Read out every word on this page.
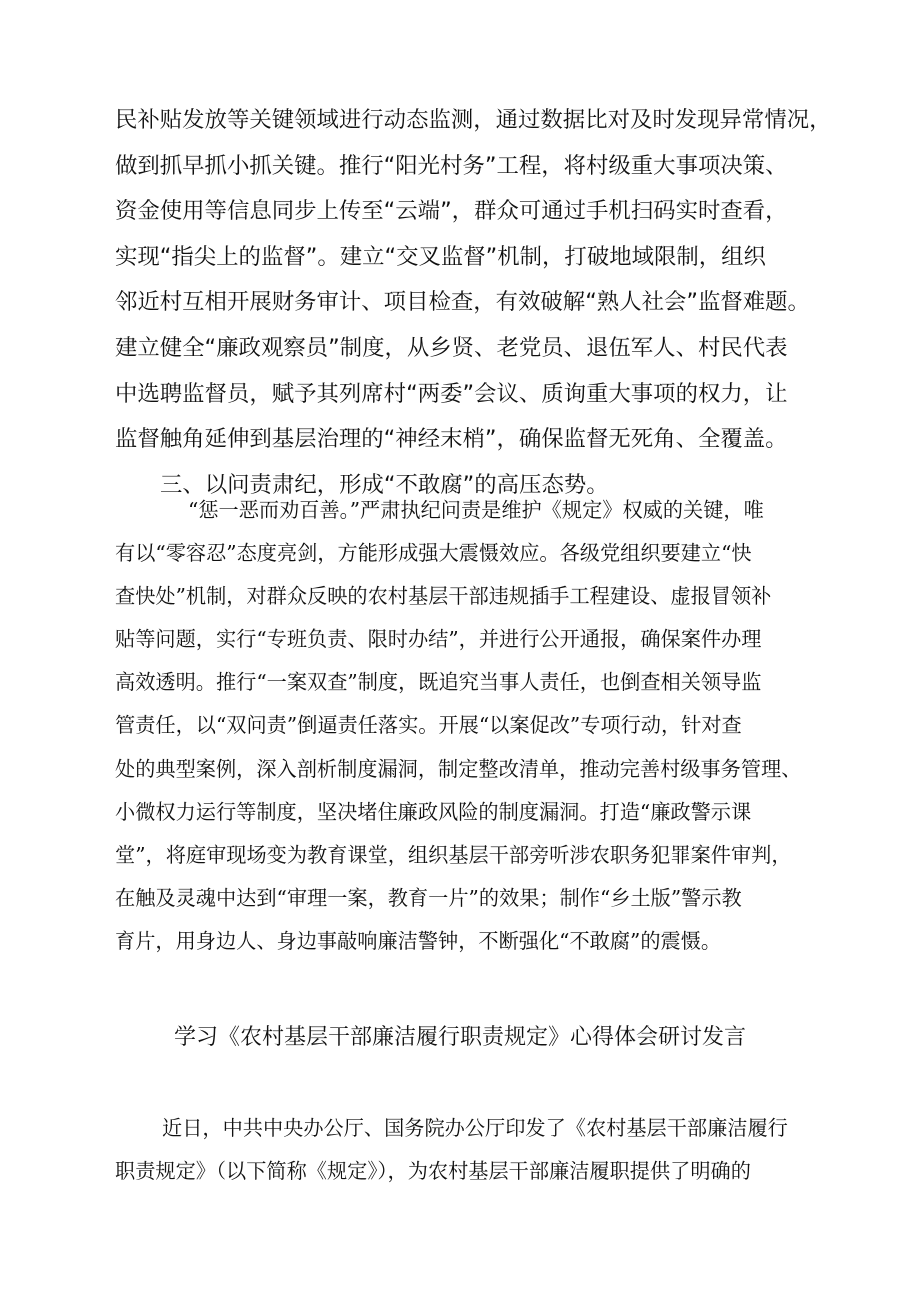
民补贴发放等关键领域进行动态监测，通过数据比对及时发现异常情况，
做到抓早抓小抓关键。推行“阳光村务”工程，将村级重大事项决策、
资金使用等信息同步上传至“云端”，群众可通过手机扫码实时查看，
实现“指尖上的监督”。建立“交叉监督”机制，打破地域限制，组织
邻近村互相开展财务审计、项目检查，有效破解“熟人社会”监督难题。
建立健全“廉政观察员”制度，从乡贤、老党员、退伍军人、村民代表
中选聘监督员，赋予其列席村“两委”会议、质询重大事项的权力，让
监督触角延伸到基层治理的“神经末梢”，确保监督无死角、全覆盖。
三、以问责肃纪，形成“不敢腐”的高压态势。
“惩一恶而劝百善。”严肃执纪问责是维护《规定》权威的关键，唯
有以“零容忍”态度亮剑，方能形成强大震慑效应。各级党组织要建立“快
查快处”机制，对群众反映的农村基层干部违规插手工程建设、虚报冒领补
贴等问题，实行“专班负责、限时办结”，并进行公开通报，确保案件办理
高效透明。推行“一案双查”制度，既追究当事人责任，也倒查相关领导监
管责任，以“双问责”倒逼责任落实。开展“以案促改”专项行动，针对查
处的典型案例，深入剖析制度漏洞，制定整改清单，推动完善村级事务管理、
小微权力运行等制度，坚决堵住廉政风险的制度漏洞。打造“廉政警示课
堂”，将庭审现场变为教育课堂，组织基层干部旁听涉农职务犯罪案件审判，
在触及灵魂中达到“审理一案，教育一片”的效果；制作“乡土版”警示教
育片，用身边人、身边事敲响廉洁警钟，不断强化“不敢腐”的震慑。
学习《农村基层干部廉洁履行职责规定》心得体会研讨发言
近日，中共中央办公厅、国务院办公厅印发了《农村基层干部廉洁履行
职责规定》（以下简称《规定》），为农村基层干部廉洁履职提供了明确的
